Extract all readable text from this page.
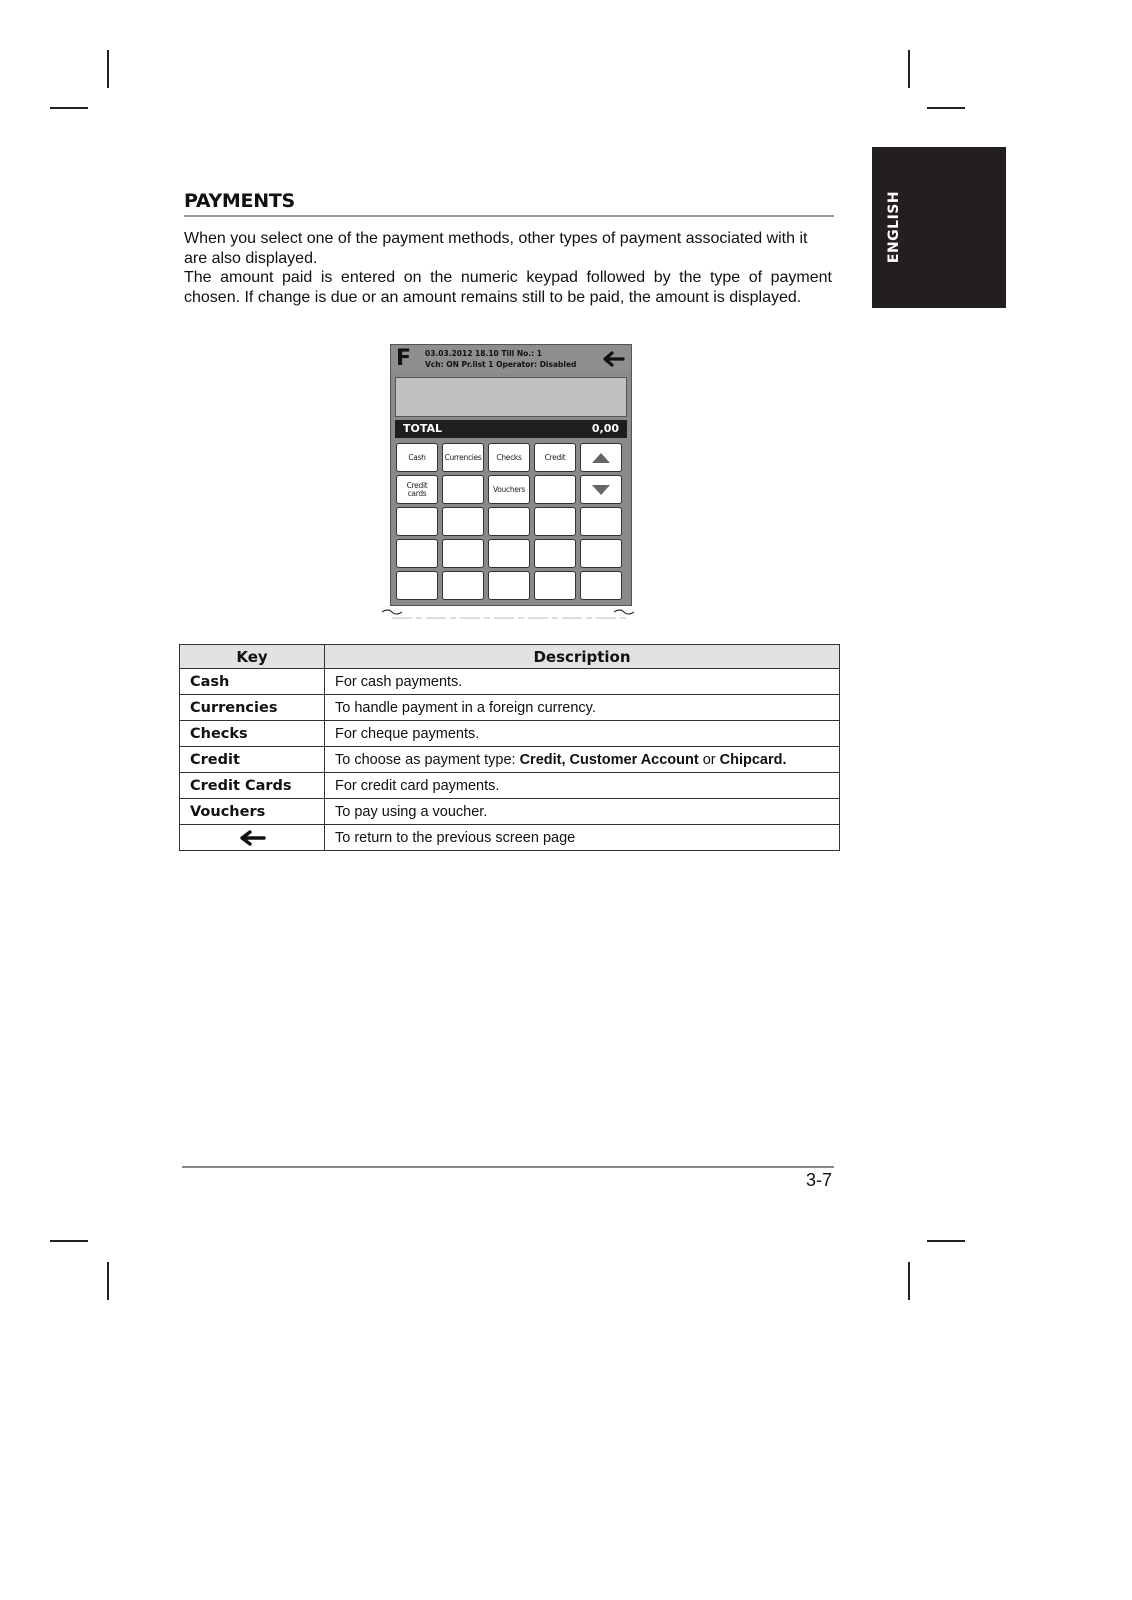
ENGLISH
PAYMENTS
When you select one of the payment methods, other types of payment associated with it are also displayed.
The amount paid is entered on the numeric keypad followed by the type of payment chosen. If change is due or an amount remains still to be paid, the amount is displayed.
F 03.03.2012 18.10 Till No.: 1
Vch: ON Pr.list 1 Operator: Disabled
TOTAL	0,00
Cash	Currencies	Checks	Credit
Credit cards	Vouchers
Key	Description
Cash	For cash payments.
Currencies	To handle payment in a foreign currency.
Checks	For cheque payments.
Credit	To choose as payment type: Credit, Customer Account or Chipcard.
Credit Cards	For credit card payments.
Vouchers	To pay using a voucher.
	To return to the previous screen page
3-7
